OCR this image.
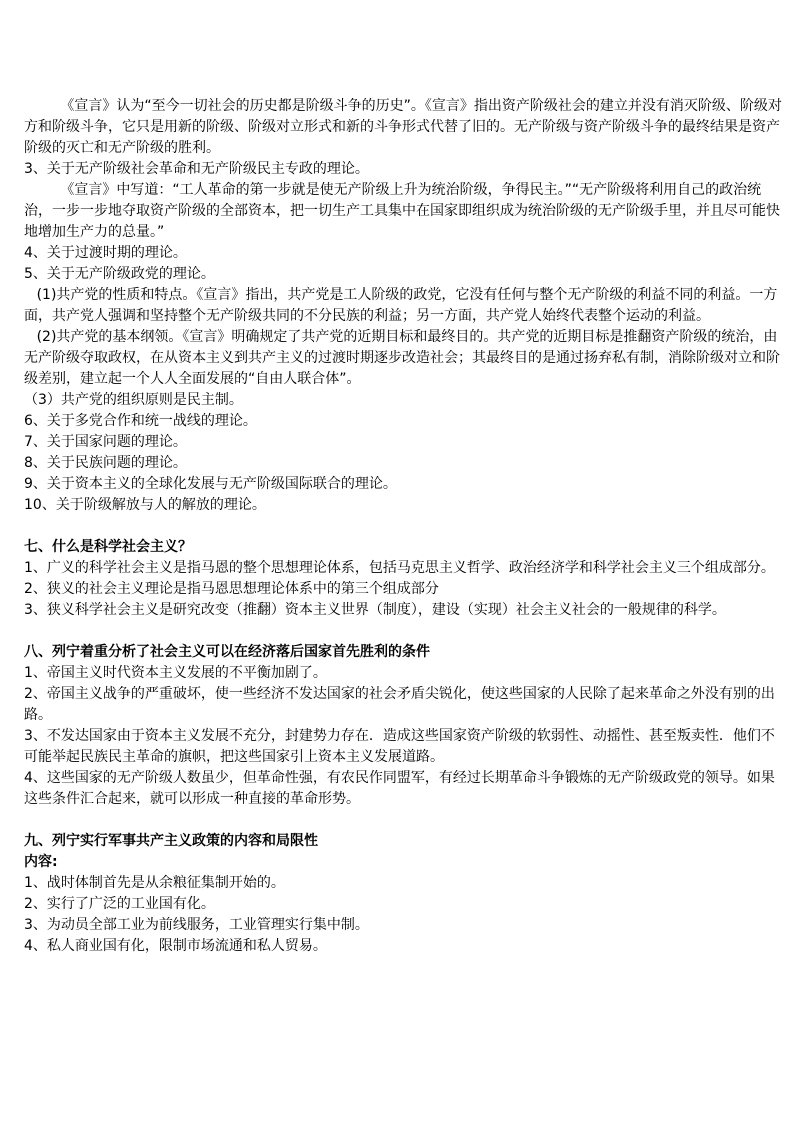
《宣言》认为“至今一切社会的历史都是阶级斗争的历史”。《宣言》指出资产阶级社会的建立并没有消灭阶级、阶级对方和阶级斗争，它只是用新的阶级、阶级对立形式和新的斗争形式代替了旧的。无产阶级与资产阶级斗争的最终结果是资产阶级的灭亡和无产阶级的胜利。

3、关于无产阶级社会革命和无产阶级民主专政的理论。

《宣言》中写道：“工人革命的第一步就是使无产阶级上升为统治阶级，争得民主。”“无产阶级将利用自己的政治统治，一步一步地夺取资产阶级的全部资本，把一切生产工具集中在国家即组织成为统治阶级的无产阶级手里，并且尽可能快地增加生产力的总量。”

4、关于过渡时期的理论。

5、关于无产阶级政党的理论。

(1)共产党的性质和特点。《宣言》指出，共产党是工人阶级的政党，它没有任何与整个无产阶级的利益不同的利益。一方面，共产党人强调和坚持整个无产阶级共同的不分民族的利益；另一方面，共产党人始终代表整个运动的利益。

(2)共产党的基本纲领。《宣言》明确规定了共产党的近期目标和最终目的。共产党的近期目标是推翻资产阶级的统治，由无产阶级夺取政权，在从资本主义到共产主义的过渡时期逐步改造社会；其最终目的是通过扬弃私有制，消除阶级对立和阶级差别，建立起一个人人全面发展的“自由人联合体”。

（3）共产党的组织原则是民主制。

6、关于多党合作和统一战线的理论。

7、关于国家问题的理论。

8、关于民族问题的理论。

9、关于资本主义的全球化发展与无产阶级国际联合的理论。

10、关于阶级解放与人的解放的理论。

七、什么是科学社会主义？

1、广义的科学社会主义是指马恩的整个思想理论体系，包括马克思主义哲学、政治经济学和科学社会主义三个组成部分。

2、狭义的社会主义理论是指马恩思想理论体系中的第三个组成部分

3、狭义科学社会主义是研究改变（推翻）资本主义世界（制度），建设（实现）社会主义社会的一般规律的科学。

八、列宁着重分析了社会主义可以在经济落后国家首先胜利的条件

1、帝国主义时代资本主义发展的不平衡加剧了。

2、帝国主义战争的严重破坏，使一些经济不发达国家的社会矛盾尖锐化，使这些国家的人民除了起来革命之外没有别的出路。

3、不发达国家由于资本主义发展不充分，封建势力存在．造成这些国家资产阶级的软弱性、动摇性、甚至叛卖性．他们不可能举起民族民主革命的旗帜，把这些国家引上资本主义发展道路。

4、这些国家的无产阶级人数虽少，但革命性强，有农民作同盟军，有经过长期革命斗争锻炼的无产阶级政党的领导。如果这些条件汇合起来，就可以形成一种直接的革命形势。

九、列宁实行军事共产主义政策的内容和局限性

内容:

1、战时体制首先是从余粮征集制开始的。

2、实行了广泛的工业国有化。

3、为动员全部工业为前线服务，工业管理实行集中制。

4、私人商业国有化，限制市场流通和私人贸易。
